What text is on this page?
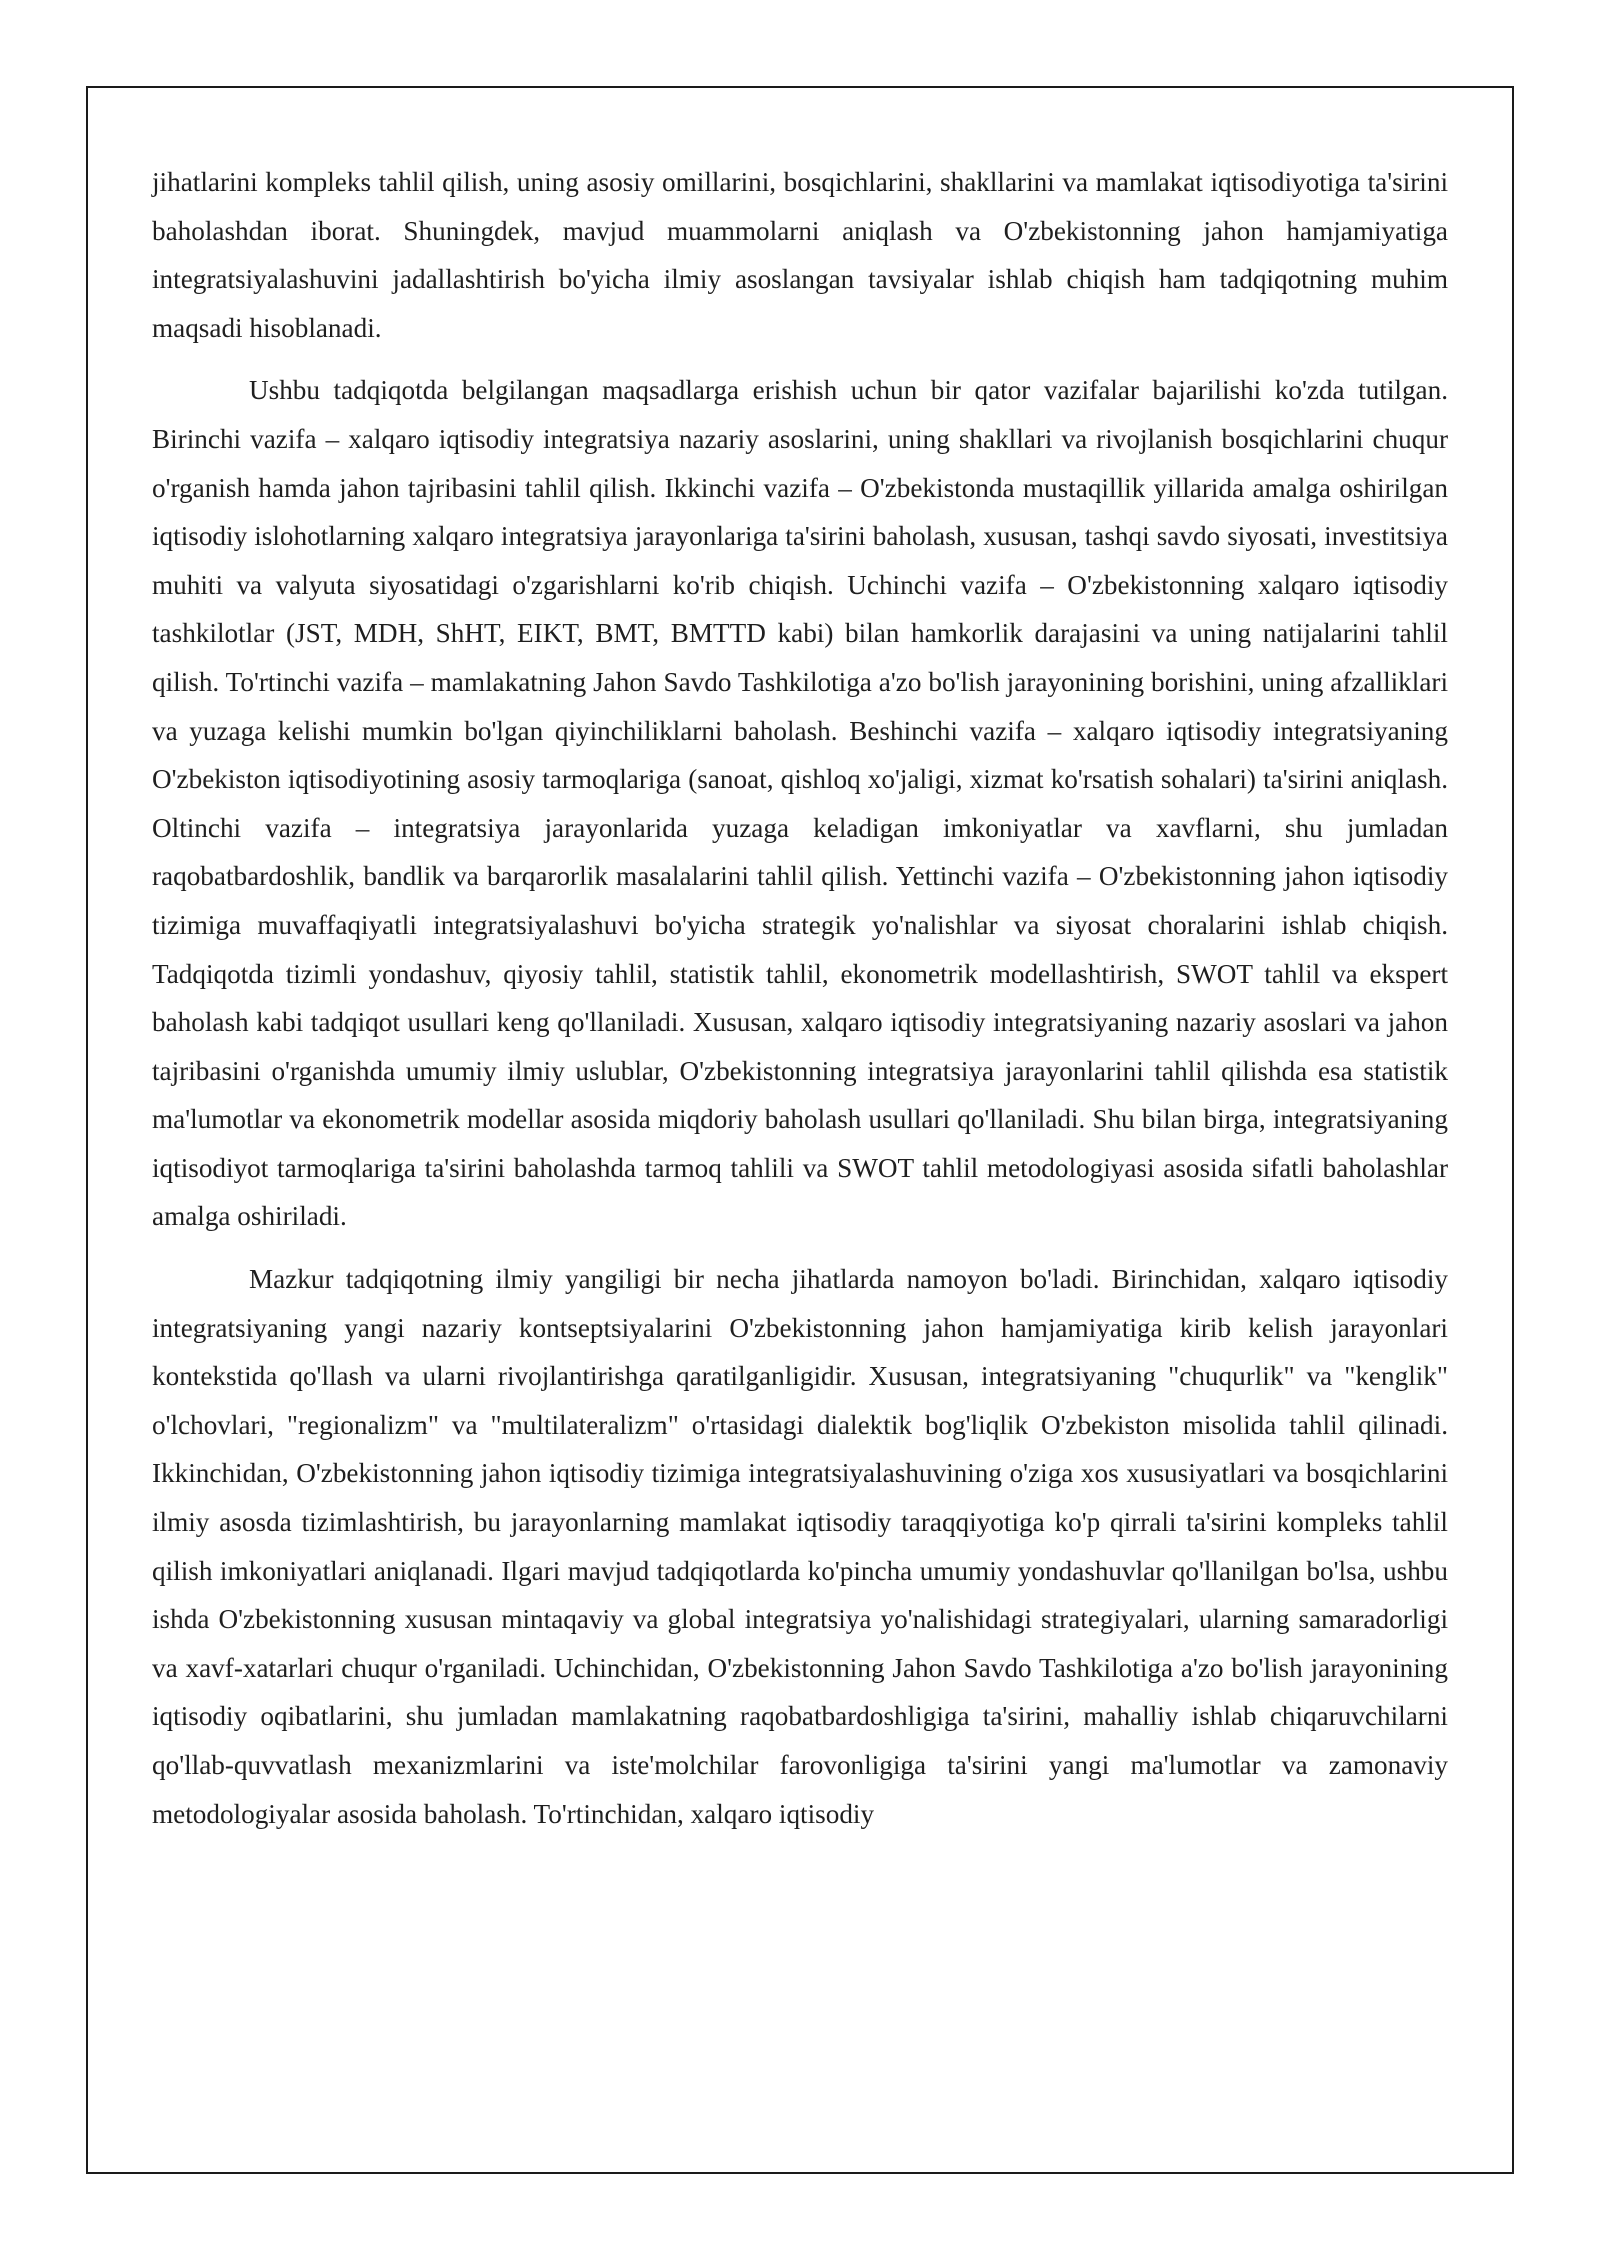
jihatlarini kompleks tahlil qilish, uning asosiy omillarini, bosqichlarini, shakllarini va mamlakat iqtisodiyotiga ta'sirini baholashdan iborat. Shuningdek, mavjud muammolarni aniqlash va O'zbekistonning jahon hamjamiyatiga integratsiyalashuvini jadallashtirish bo'yicha ilmiy asoslangan tavsiyalar ishlab chiqish ham tadqiqotning muhim maqsadi hisoblanadi.

Ushbu tadqiqotda belgilangan maqsadlarga erishish uchun bir qator vazifalar bajarilishi ko'zda tutilgan. Birinchi vazifa – xalqaro iqtisodiy integratsiya nazariy asoslarini, uning shakllari va rivojlanish bosqichlarini chuqur o'rganish hamda jahon tajribasini tahlil qilish. Ikkinchi vazifa – O'zbekistonda mustaqillik yillarida amalga oshirilgan iqtisodiy islohotlarning xalqaro integratsiya jarayonlariga ta'sirini baholash, xususan, tashqi savdo siyosati, investitsiya muhiti va valyuta siyosatidagi o'zgarishlarni ko'rib chiqish. Uchinchi vazifa – O'zbekistonning xalqaro iqtisodiy tashkilotlar (JST, MDH, ShHT, EIKT, BMT, BMTTD kabi) bilan hamkorlik darajasini va uning natijalarini tahlil qilish. To'rtinchi vazifa – mamlakatning Jahon Savdo Tashkilotiga a'zo bo'lish jarayonining borishini, uning afzalliklari va yuzaga kelishi mumkin bo'lgan qiyinchiliklarni baholash. Beshinchi vazifa – xalqaro iqtisodiy integratsiyaning O'zbekiston iqtisodiyotining asosiy tarmoqlariga (sanoat, qishloq xo'jaligi, xizmat ko'rsatish sohalari) ta'sirini aniqlash. Oltinchi vazifa – integratsiya jarayonlarida yuzaga keladigan imkoniyatlar va xavflarni, shu jumladan raqobatbardoshlik, bandlik va barqarorlik masalalarini tahlil qilish. Yettinchi vazifa – O'zbekistonning jahon iqtisodiy tizimiga muvaffaqiyatli integratsiyalashuvi bo'yicha strategik yo'nalishlar va siyosat choralarini ishlab chiqish. Tadqiqotda tizimli yondashuv, qiyosiy tahlil, statistik tahlil, ekonometrik modellashtirish, SWOT tahlil va ekspert baholash kabi tadqiqot usullari keng qo'llaniladi. Xususan, xalqaro iqtisodiy integratsiyaning nazariy asoslari va jahon tajribasini o'rganishda umumiy ilmiy uslublar, O'zbekistonning integratsiya jarayonlarini tahlil qilishda esa statistik ma'lumotlar va ekonometrik modellar asosida miqdoriy baholash usullari qo'llaniladi. Shu bilan birga, integratsiyaning iqtisodiyot tarmoqlariga ta'sirini baholashda tarmoq tahlili va SWOT tahlil metodologiyasi asosida sifatli baholashlar amalga oshiriladi.

Mazkur tadqiqotning ilmiy yangiligi bir necha jihatlarda namoyon bo'ladi. Birinchidan, xalqaro iqtisodiy integratsiyaning yangi nazariy kontseptsiyalarini O'zbekistonning jahon hamjamiyatiga kirib kelish jarayonlari kontekstida qo'llash va ularni rivojlantirishga qaratilganligidir. Xususan, integratsiyaning "chuqurlik" va "kenglik" o'lchovlari, "regionalizm" va "multilateralizm" o'rtasidagi dialektik bog'liqlik O'zbekiston misolida tahlil qilinadi. Ikkinchidan, O'zbekistonning jahon iqtisodiy tizimiga integratsiyalashuvining o'ziga xos xususiyatlari va bosqichlarini ilmiy asosda tizimlashtirish, bu jarayonlarning mamlakat iqtisodiy taraqqiyotiga ko'p qirrali ta'sirini kompleks tahlil qilish imkoniyatlari aniqlanadi. Ilgari mavjud tadqiqotlarda ko'pincha umumiy yondashuvlar qo'llanilgan bo'lsa, ushbu ishda O'zbekistonning xususan mintaqaviy va global integratsiya yo'nalishidagi strategiyalari, ularning samaradorligi va xavf-xatarlari chuqur o'rganiladi. Uchinchidan, O'zbekistonning Jahon Savdo Tashkilotiga a'zo bo'lish jarayonining iqtisodiy oqibatlarini, shu jumladan mamlakatning raqobatbardoshligiga ta'sirini, mahalliy ishlab chiqaruvchilarni qo'llab-quvvatlash mexanizmlarini va iste'molchilar farovonligiga ta'sirini yangi ma'lumotlar va zamonaviy metodologiyalar asosida baholash. To'rtinchidan, xalqaro iqtisodiy
